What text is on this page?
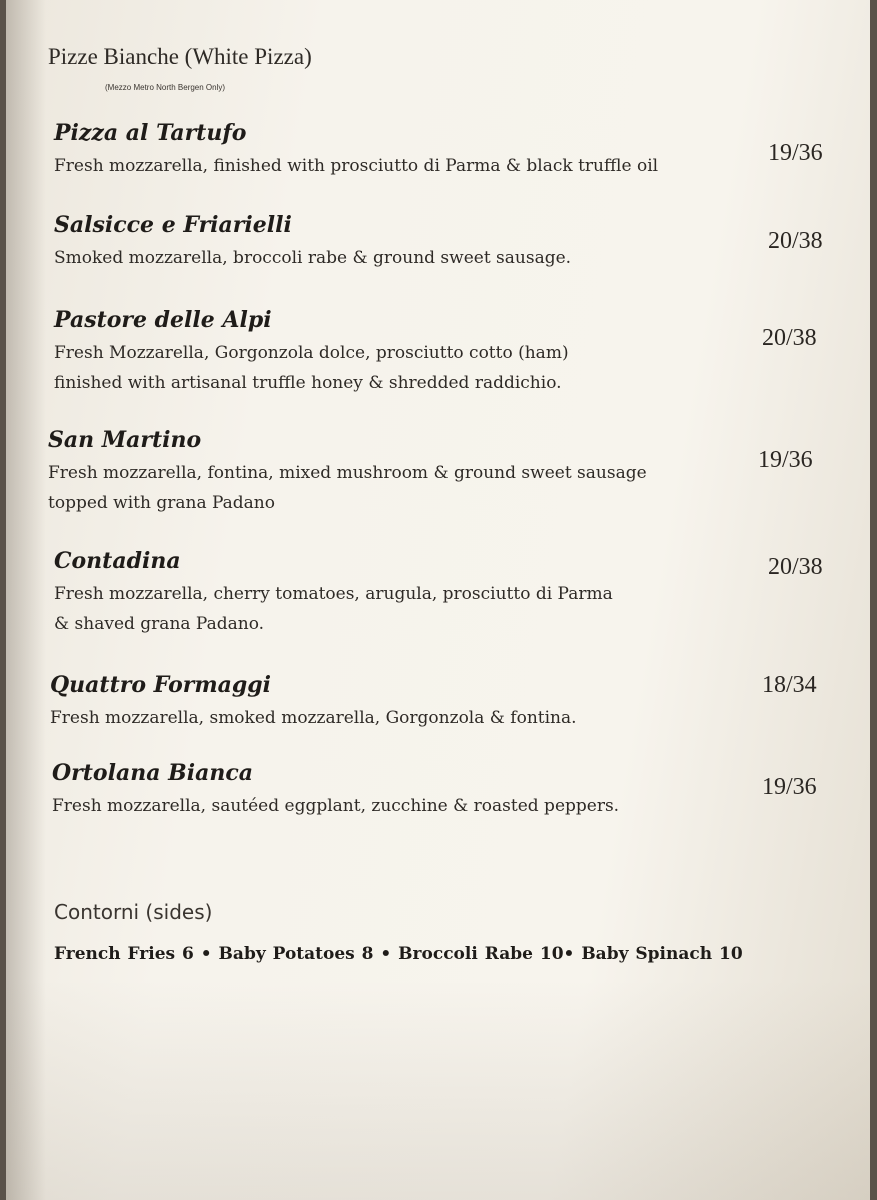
Pizze Bianche (White Pizza)
(Mezzo Metro North Bergen Only)
Pizza al Tartufo
Fresh mozzarella, finished with prosciutto di Parma & black truffle oil	19/36
Salsicce e Friarielli
Smoked mozzarella, broccoli rabe & ground sweet sausage.
20/38
Pastore delle Alpi
Fresh Mozzarella, Gorgonzola dolce, prosciutto cotto (ham)
finished with artisanal truffle honey & shredded raddichio.
20/38
San Martino
Fresh mozzarella, fontina, mixed mushroom & ground sweet sausage
topped with grana Padano
19/36
Contadina
Fresh mozzarella, cherry tomatoes, arugula, prosciutto di Parma
& shaved grana Padano.
20/38
Quattro Formaggi
Fresh mozzarella, smoked mozzarella, Gorgonzola & fontina.
18/34
Ortolana Bianca
Fresh mozzarella, sautéed eggplant, zucchine & roasted peppers.
19/36
Contorni (sides)
French Fries 6 • Baby Potatoes 8 • Broccoli Rabe 10• Baby Spinach 10
